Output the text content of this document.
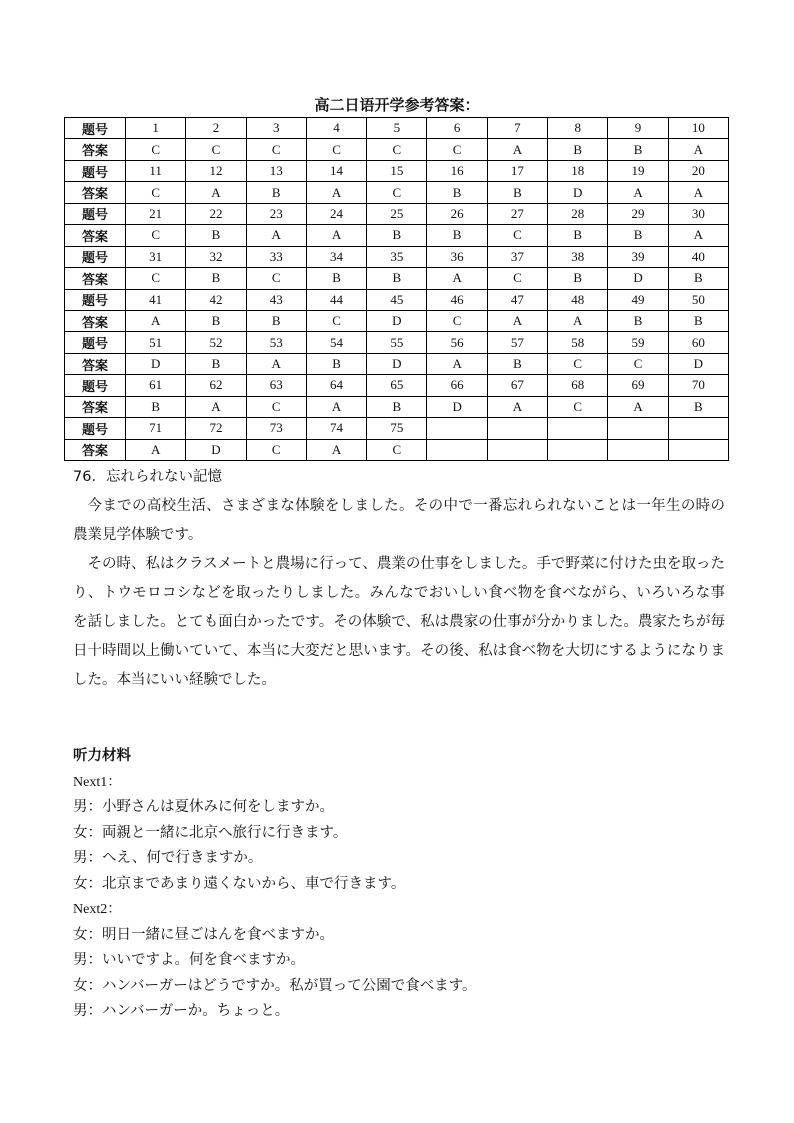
高二日语开学参考答案：
题号	1	2	3	4	5	6	7	8	9	10
答案	C	C	C	C	C	C	A	B	B	A
题号	11	12	13	14	15	16	17	18	19	20
答案	C	A	B	A	C	B	B	D	A	A
题号	21	22	23	24	25	26	27	28	29	30
答案	C	B	A	A	B	B	C	B	B	A
题号	31	32	33	34	35	36	37	38	39	40
答案	C	B	C	B	B	A	C	B	D	B
题号	41	42	43	44	45	46	47	48	49	50
答案	A	B	B	C	D	C	A	A	B	B
题号	51	52	53	54	55	56	57	58	59	60
答案	D	B	A	B	D	A	B	C	C	D
题号	61	62	63	64	65	66	67	68	69	70
答案	B	A	C	A	B	D	A	C	A	B
题号	71	72	73	74	75					
答案	A	D	C	A	C					
76．忘れられない記憶

今までの高校生活、さまざまな体験をしました。その中で一番忘れられないことは一年生の時の農業見学体験です。

その時、私はクラスメートと農場に行って、農業の仕事をしました。手で野菜に付けた虫を取ったり、トウモロコシなどを取ったりしました。みんなでおいしい食べ物を食べながら、いろいろな事を話しました。とても面白かったです。その体験で、私は農家の仕事が分かりました。農家たちが毎日十時間以上働いていて、本当に大変だと思います。その後、私は食べ物を大切にするようになりました。本当にいい経験でした。

听力材料
Next1：
男：小野さんは夏休みに何をしますか。
女：両親と一緒に北京へ旅行に行きます。
男：へえ、何で行きますか。
女：北京まであまり遠くないから、車で行きます。
Next2：
女：明日一緒に昼ごはんを食べますか。
男：いいですよ。何を食べますか。
女：ハンバーガーはどうですか。私が買って公園で食べます。
男：ハンバーガーか。ちょっと。
